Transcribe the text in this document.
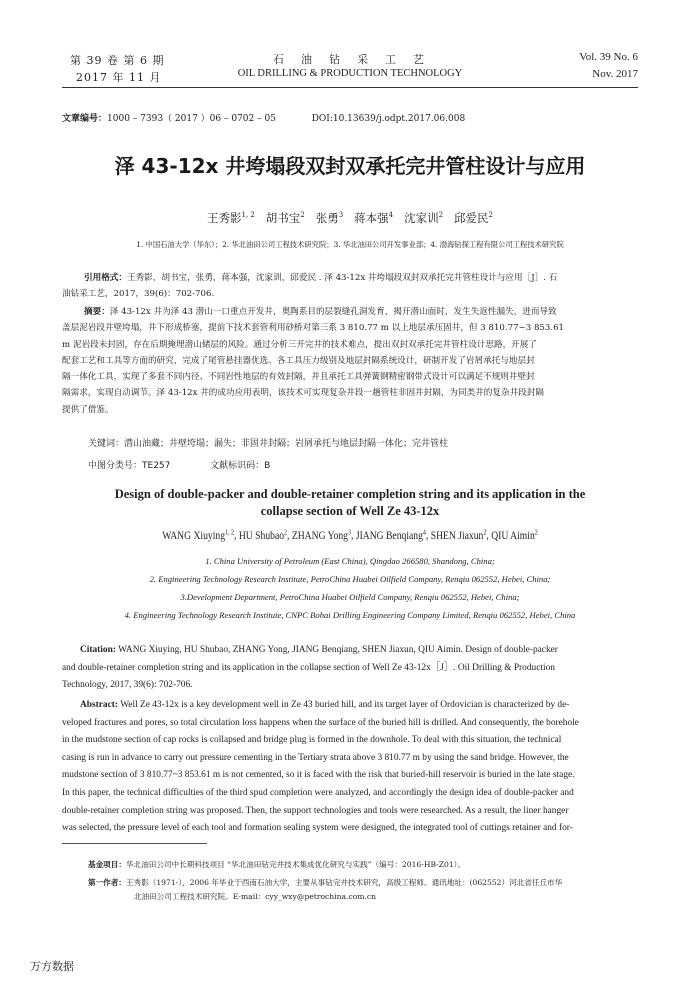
第 39 卷 第 6 期
2017 年 11 月
石　油　钻　采　工　艺
OIL DRILLING & PRODUCTION TECHNOLOGY
Vol. 39 No. 6
Nov. 2017
文章编号：1000 – 7393（ 2017 ）06 – 0702 – 05	DOI:10.13639/j.odpt.2017.06.008
泽 43-12x 井垮塌段双封双承托完井管柱设计与应用
王秀影$^{1, 2}$ 胡书宝$^2$ 张勇$^3$ 蒋本强$^4$ 沈家训$^2$ 邱爱民$^2$
1. 中国石油大学（华东）；2. 华北油田公司工程技术研究院；3. 华北油田公司开发事业部；4. 渤海钻探工程有限公司工程技术研究院
引用格式：王秀影，胡书宝，张勇，蒋本强，沈家训，邱爱民 . 泽 43-12x 井垮塌段双封双承托完井管柱设计与应用［J］. 石
油钻采工艺，2017，39(6)：702-706.
摘要：泽 43-12x 井为泽 43 潜山一口重点开发井，奥陶系目的层裂缝孔洞发育，揭开潜山面时，发生失返性漏失，进而导致
盖层泥岩段井壁垮塌，井下形成桥塞，提前下技术套管利用砂桥对第三系 3 810.77 m 以上地层承压固井，但 3 810.77~3 853.61
m 泥岩段未封固，存在后期掩埋潜山储层的风险。通过分析三开完井的技术难点，提出双封双承托完井管柱设计思路，开展了
配套工艺和工具等方面的研究，完成了尾管悬挂器优选、各工具压力级别及地层封隔系统设计，研制开发了岩屑承托与地层封
隔一体化工具，实现了多套不同内径、不同岩性地层的有效封隔，并且承托工具弹簧钢精密钢带式设计可以满足不规则井壁封
隔需求，实现自动调节。泽 43-12x 井的成功应用表明，该技术可实现复杂井段一趟管柱非固井封隔，为同类井的复杂井段封隔
提供了借鉴。
关键词：潜山油藏；井壁垮塌；漏失；非固井封隔；岩屑承托与地层封隔一体化；完井管柱
中图分类号：TE257	文献标识码：B
Design of double-packer and double-retainer completion string and its application in the
collapse section of Well Ze 43-12x
WANG Xiuying$^{1, 2}$, HU Shubao$^2$, ZHANG Yong$^3$, JIANG Benqiang$^4$, SHEN Jiaxun$^2$, QIU Aimin$^2$
1. China University of Petroleum (East China), Qingdao 266580, Shandong, China;
2. Engineering Technology Research Institute, PetroChina Huabei Oilfield Company, Renqiu 062552, Hebei, China;
3.Development Department, PetroChina Huabei Oilfield Company, Renqiu 062552, Hebei, China;
4. Engineering Technology Research Institute, CNPC Bohai Drilling Engineering Company Limited, Renqiu 062552, Hebei, China
Citation: WANG Xiuying, HU Shubao, ZHANG Yong, JIANG Benqiang, SHEN Jiaxun, QIU Aimin. Design of double-packer
and double-retainer completion string and its application in the collapse section of Well Ze 43-12x［J］. Oil Drilling & Production
Technology, 2017, 39(6): 702-706.
Abstract: Well Ze 43-12x is a key development well in Ze 43 buried hill, and its target layer of Ordovician is characterized by de-
veloped fractures and pores, so total circulation loss happens when the surface of the buried hill is drilled. And consequently, the borehole
in the mudstone section of cap rocks is collapsed and bridge plug is formed in the downhole. To deal with this situation, the technical
casing is run in advance to carry out pressure cementing in the Tertiary strata above 3 810.77 m by using the sand bridge. However, the
mudstone section of 3 810.77~3 853.61 m is not cemented, so it is faced with the risk that buried-hill reservoir is buried in the late stage.
In this paper, the technical difficulties of the third spud completion were analyzed, and accordingly the design idea of double-packer and
double-retainer completion string was proposed. Then, the support technologies and tools were researched. As a result, the liner hanger
was selected, the pressure level of each tool and formation sealing system were designed, the integrated tool of cuttings retainer and for-
基金项目：华北油田公司中长期科技项目 “华北油田钻完井技术集成优化研究与实践”（编号：2016-HB-Z01）。
第一作者：王秀影（1971-），2006 年毕业于西南石油大学，主要从事钻完井技术研究，高级工程师。通讯地址：(062552）河北省任丘市华
北油田公司工程技术研究院。E-mail：cyy_wxy@petrochina.com.cn
万方数据
